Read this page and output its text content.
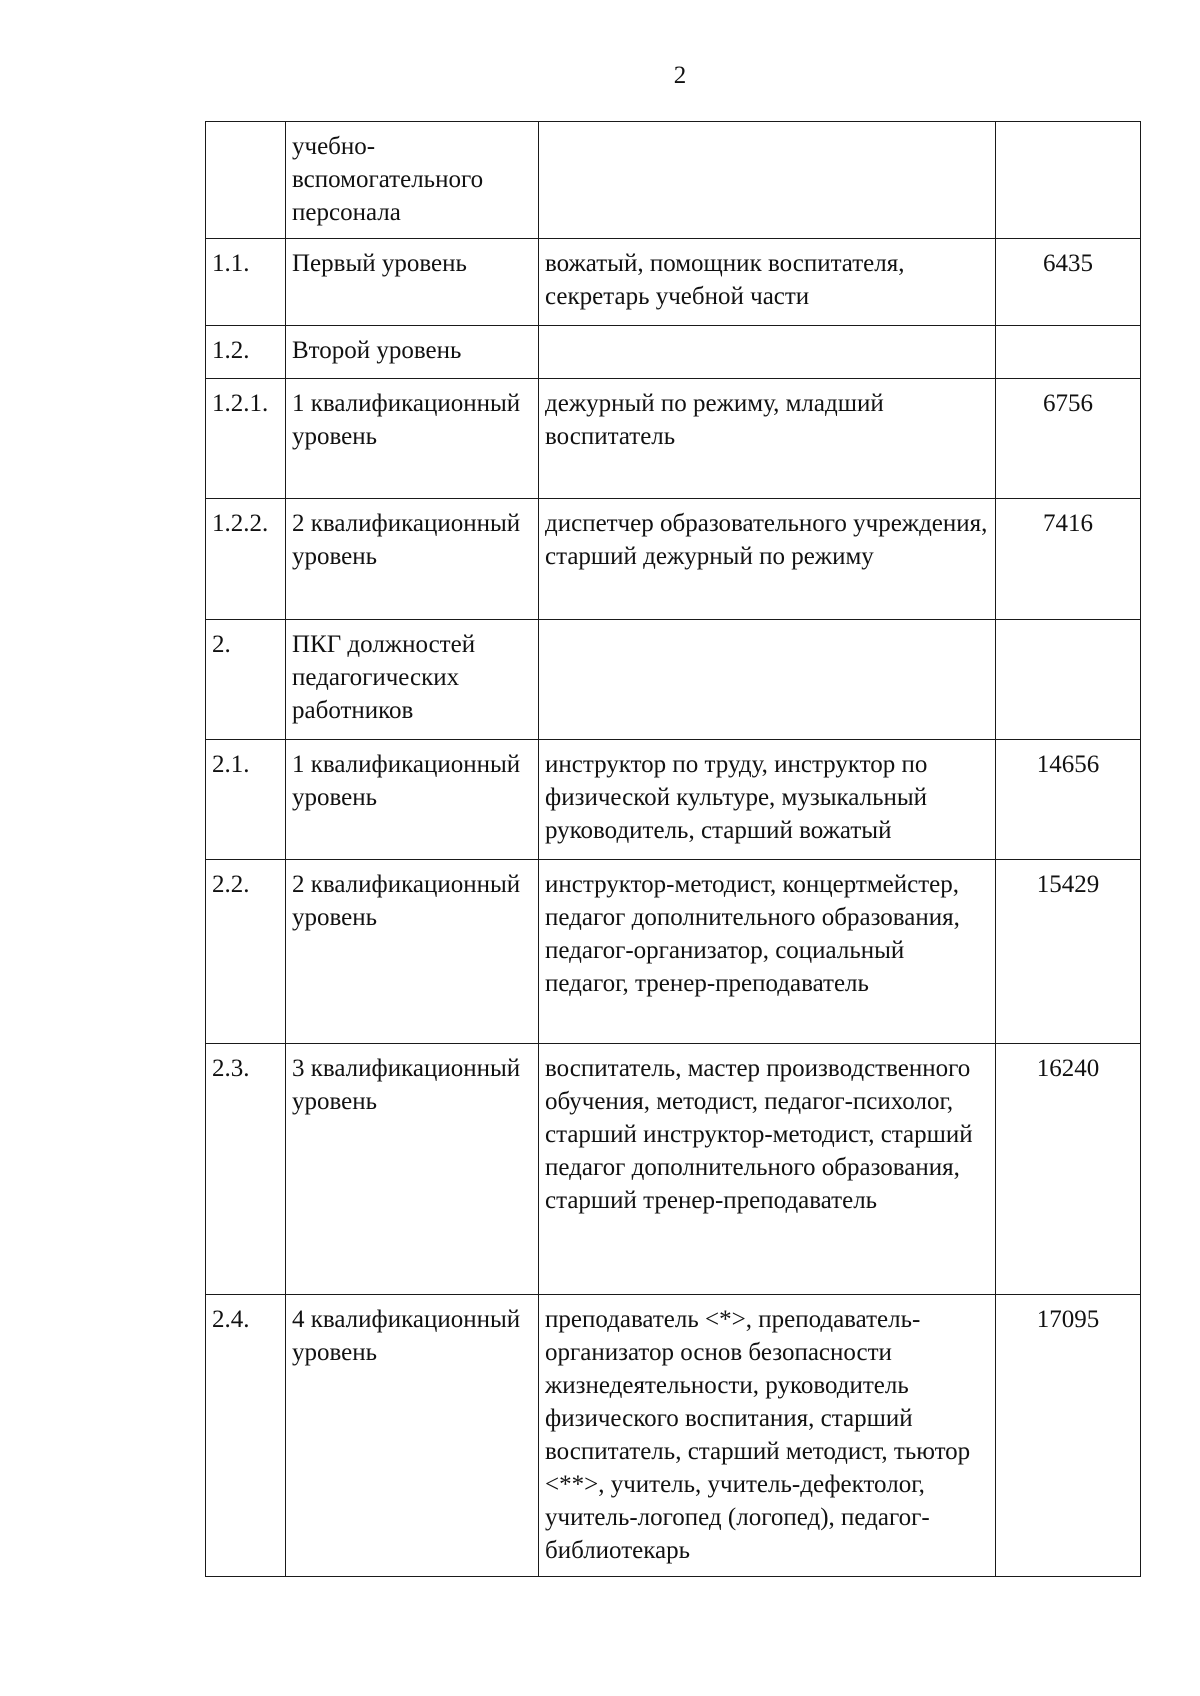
2
	учебно-вспомогательного персонала		
1.1.	Первый уровень	вожатый, помощник воспитателя, секретарь учебной части	6435
1.2.	Второй уровень		
1.2.1.	1 квалификационный уровень	дежурный по режиму, младший воспитатель	6756
1.2.2.	2 квалификационный уровень	диспетчер образовательного учреждения, старший дежурный по режиму	7416
2.	ПКГ должностей педагогических работников		
2.1.	1 квалификационный уровень	инструктор по труду, инструктор по физической культуре, музыкальный руководитель, старший вожатый	14656
2.2.	2 квалификационный уровень	инструктор-методист, концертмейстер, педагог дополнительного образования, педагог-организатор, социальный педагог, тренер-преподаватель	15429
2.3.	3 квалификационный уровень	воспитатель, мастер производственного обучения, методист, педагог-психолог, старший инструктор-методист, старший педагог дополнительного образования, старший тренер-преподаватель	16240
2.4.	4 квалификационный уровень	преподаватель <*>, преподаватель-организатор основ безопасности жизнедеятельности, руководитель физического воспитания, старший воспитатель, старший методист, тьютор <**>, учитель, учитель-дефектолог, учитель-логопед (логопед), педагог-библиотекарь	17095
